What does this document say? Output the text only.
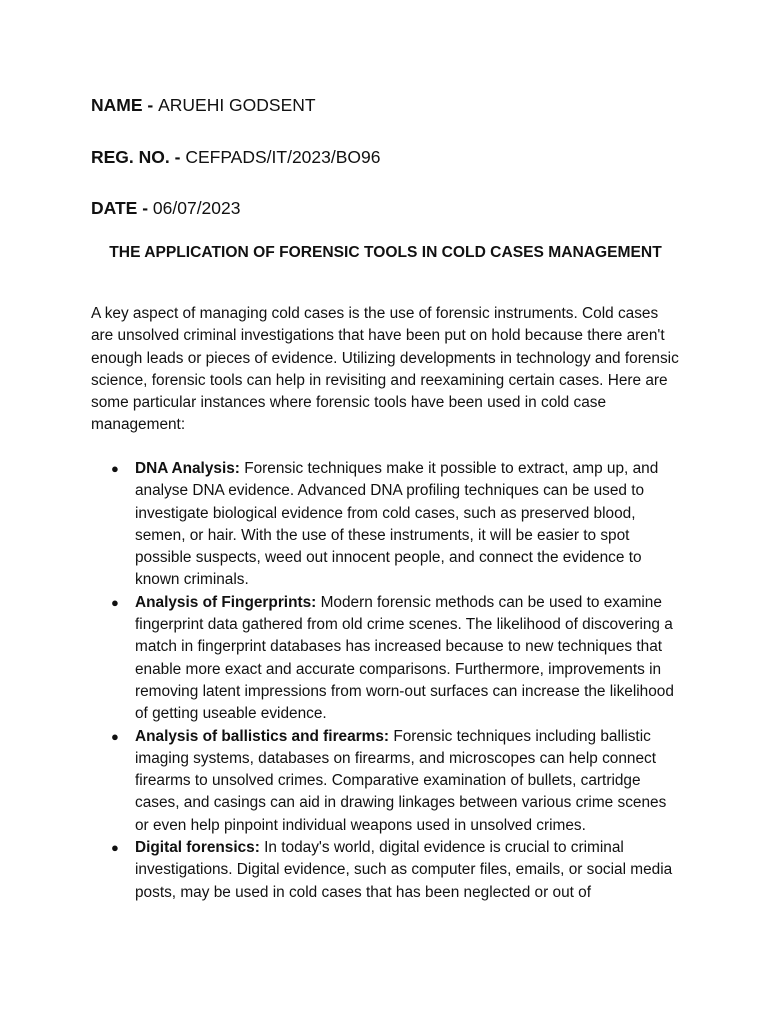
NAME - ARUEHI GODSENT

REG. NO. - CEFPADS/IT/2023/BO96

DATE - 06/07/2023

THE APPLICATION OF FORENSIC TOOLS IN COLD CASES MANAGEMENT

A key aspect of managing cold cases is the use of forensic instruments. Cold cases are unsolved criminal investigations that have been put on hold because there aren't enough leads or pieces of evidence. Utilizing developments in technology and forensic science, forensic tools can help in revisiting and reexamining certain cases. Here are some particular instances where forensic tools have been used in cold case management:

● DNA Analysis: Forensic techniques make it possible to extract, amp up, and analyse DNA evidence. Advanced DNA profiling techniques can be used to investigate biological evidence from cold cases, such as preserved blood, semen, or hair. With the use of these instruments, it will be easier to spot possible suspects, weed out innocent people, and connect the evidence to known criminals.
● Analysis of Fingerprints: Modern forensic methods can be used to examine fingerprint data gathered from old crime scenes. The likelihood of discovering a match in fingerprint databases has increased because to new techniques that enable more exact and accurate comparisons. Furthermore, improvements in removing latent impressions from worn-out surfaces can increase the likelihood of getting useable evidence.
● Analysis of ballistics and firearms: Forensic techniques including ballistic imaging systems, databases on firearms, and microscopes can help connect firearms to unsolved crimes. Comparative examination of bullets, cartridge cases, and casings can aid in drawing linkages between various crime scenes or even help pinpoint individual weapons used in unsolved crimes.
● Digital forensics: In today's world, digital evidence is crucial to criminal investigations. Digital evidence, such as computer files, emails, or social media posts, may be used in cold cases that has been neglected or out of
